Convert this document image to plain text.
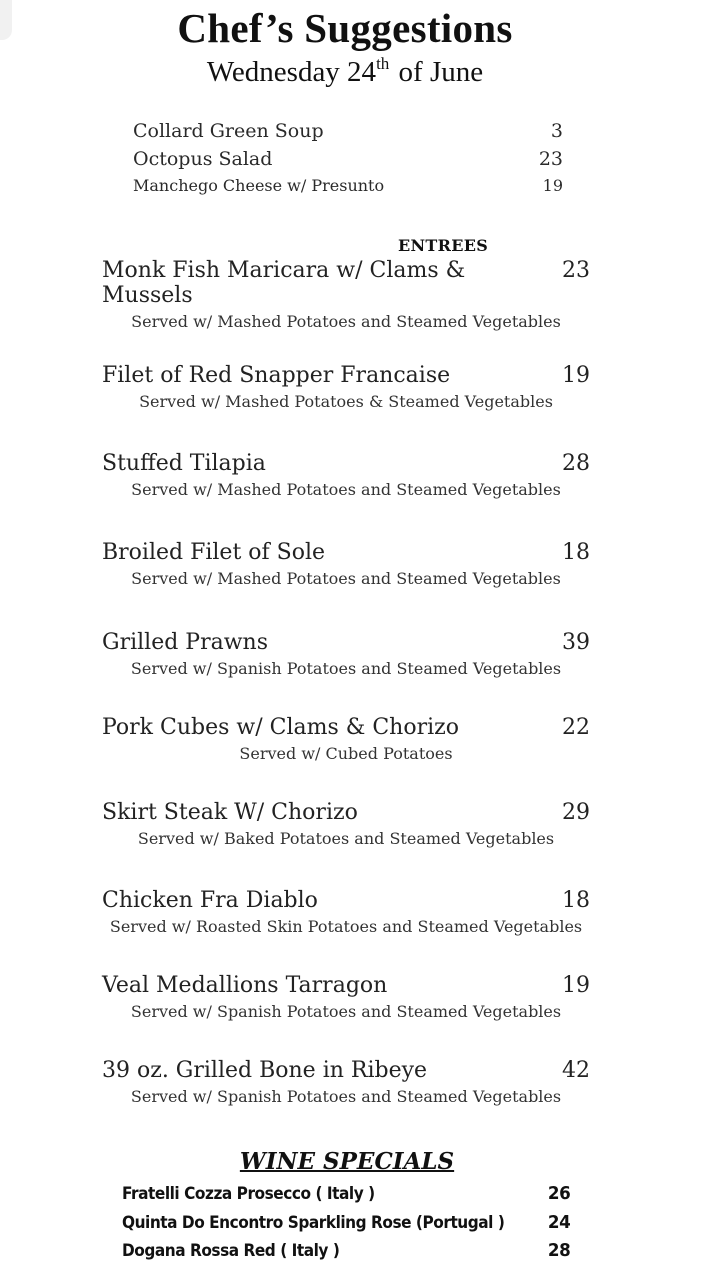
Chef’s Suggestions
Wednesday 24th of June
Collard Green Soup	3
Octopus Salad	23
Manchego Cheese w/ Presunto	19
ENTREES
Monk Fish Maricara w/ Clams & Mussels
23
Served w/ Mashed Potatoes and Steamed Vegetables
Filet of Red Snapper Francaise	19
Served w/ Mashed Potatoes & Steamed Vegetables
Stuffed Tilapia	28
Served w/ Mashed Potatoes and Steamed Vegetables
Broiled Filet of Sole	18
Served w/ Mashed Potatoes and Steamed Vegetables
Grilled Prawns	39
Served w/ Spanish Potatoes and Steamed Vegetables
Pork Cubes w/ Clams & Chorizo	22
Served w/ Cubed Potatoes
Skirt Steak W/ Chorizo	29
Served w/ Baked Potatoes and Steamed Vegetables
Chicken Fra Diablo	18
Served w/ Roasted Skin Potatoes and Steamed Vegetables
Veal Medallions Tarragon	19
Served w/ Spanish Potatoes and Steamed Vegetables
39 oz. Grilled Bone in Ribeye	42
Served w/ Spanish Potatoes and Steamed Vegetables
WINE SPECIALS
Fratelli Cozza Prosecco ( Italy )	26
Quinta Do Encontro Sparkling Rose (Portugal ) 24
Dogana Rossa Red ( Italy )	28
